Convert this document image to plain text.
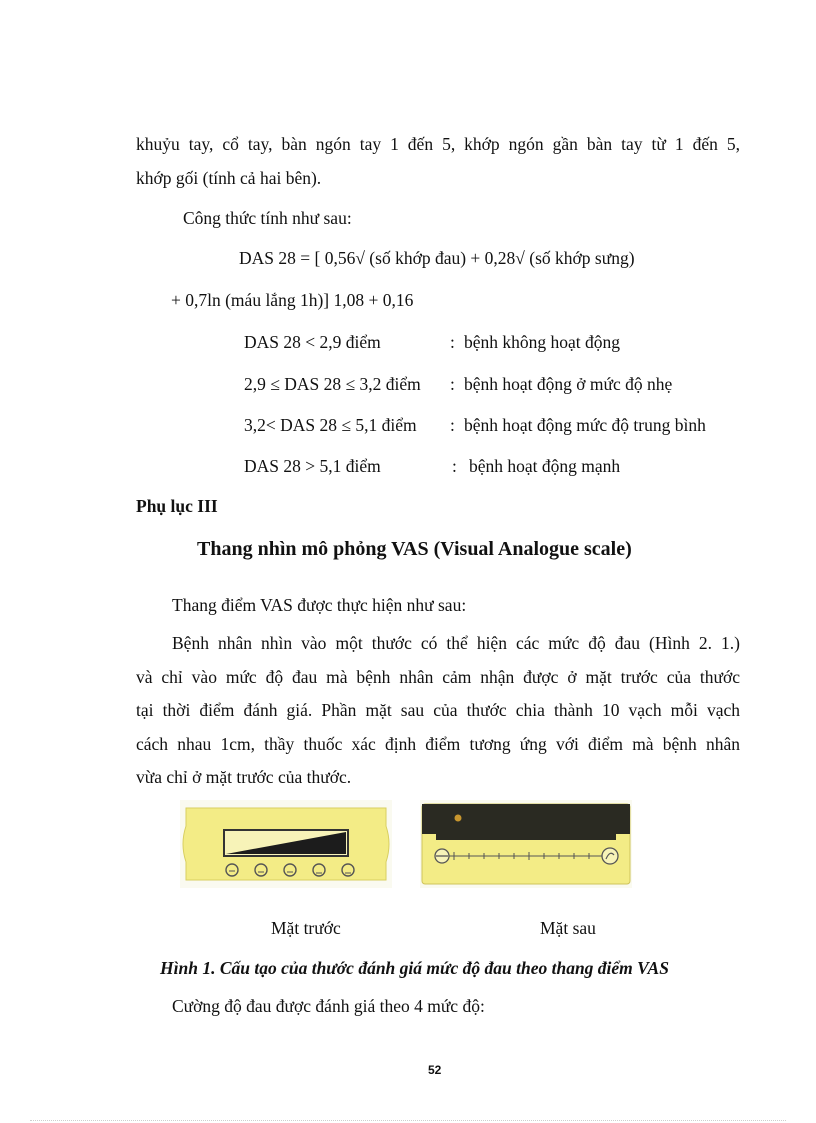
khuỷu tay, cổ tay, bàn ngón tay 1 đến 5, khớp ngón gần bàn tay từ 1 đến 5,
khớp gối (tính cả hai bên).
Công thức tính như sau:
DAS 28 = [ 0,56√ (số khớp đau) + 0,28√ (số khớp sưng)
+ 0,7ln (máu lắng 1h)] 1,08 + 0,16
DAS 28 < 2,9 điểm	: bệnh không hoạt động
2,9 ≤ DAS 28 ≤ 3,2 điểm : bệnh hoạt động ở mức độ nhẹ
3,2< DAS 28 ≤ 5,1 điểm : bệnh hoạt động mức độ trung bình
DAS 28 > 5,1 điểm	: bệnh hoạt động mạnh
Phụ lục III
Thang nhìn mô phỏng VAS (Visual Analogue scale)
Thang điểm VAS được thực hiện như sau:
Bệnh nhân nhìn vào một thước có thể hiện các mức độ đau (Hình 2. 1.)
và chỉ vào mức độ đau mà bệnh nhân cảm nhận được ở mặt trước của thước
tại thời điểm đánh giá. Phần mặt sau của thước chia thành 10 vạch mỗi vạch
cách nhau 1cm, thầy thuốc xác định điểm tương ứng với điểm mà bệnh nhân
vừa chỉ ở mặt trước của thước.
Mặt trước	Mặt sau
Hình 1. Cấu tạo của thước đánh giá mức độ đau theo thang điểm VAS
Cường độ đau được đánh giá theo 4 mức độ:
52
